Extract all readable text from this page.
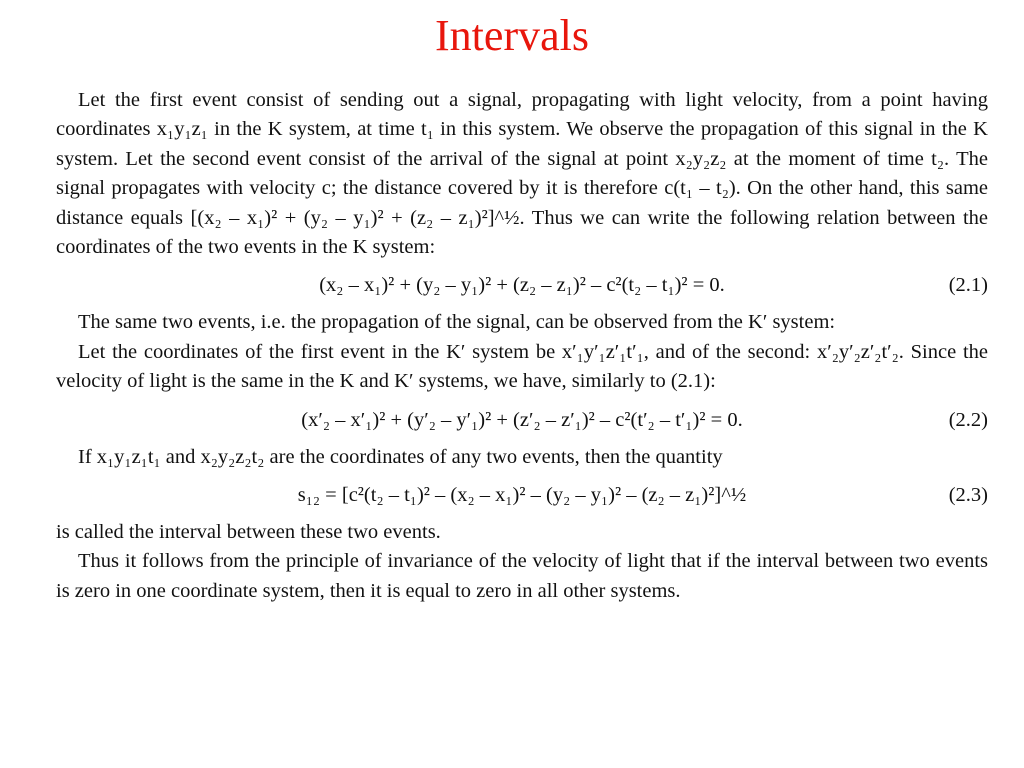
Intervals

Let the first event consist of sending out a signal, propagating with light velocity, from a point having coordinates x₁y₁z₁ in the K system, at time t₁ in this system. We observe the propagation of this signal in the K system. Let the second event consist of the arrival of the signal at point x₂y₂z₂ at the moment of time t₂. The signal propagates with velocity c; the distance covered by it is therefore c(t₁ – t₂). On the other hand, this same distance equals [(x₂ – x₁)² + (y₂ – y₁)² + (z₂ – z₁)²]^½. Thus we can write the following relation between the coordinates of the two events in the K system:

(x₂ – x₁)² + (y₂ – y₁)² + (z₂ – z₁)² – c²(t₂ – t₁)² = 0.	(2.1)

The same two events, i.e. the propagation of the signal, can be observed from the K′ system:

Let the coordinates of the first event in the K′ system be x′₁y′₁z′₁t′₁, and of the second: x′₂y′₂z′₂t′₂. Since the velocity of light is the same in the K and K′ systems, we have, similarly to (2.1):

(x′₂ – x′₁)² + (y′₂ – y′₁)² + (z′₂ – z′₁)² – c²(t′₂ – t′₁)² = 0.	(2.2)

If x₁y₁z₁t₁ and x₂y₂z₂t₂ are the coordinates of any two events, then the quantity

s₁₂ = [c²(t₂ – t₁)² – (x₂ – x₁)² – (y₂ – y₁)² – (z₂ – z₁)²]^½	(2.3)

is called the interval between these two events.

Thus it follows from the principle of invariance of the velocity of light that if the interval between two events is zero in one coordinate system, then it is equal to zero in all other systems.
